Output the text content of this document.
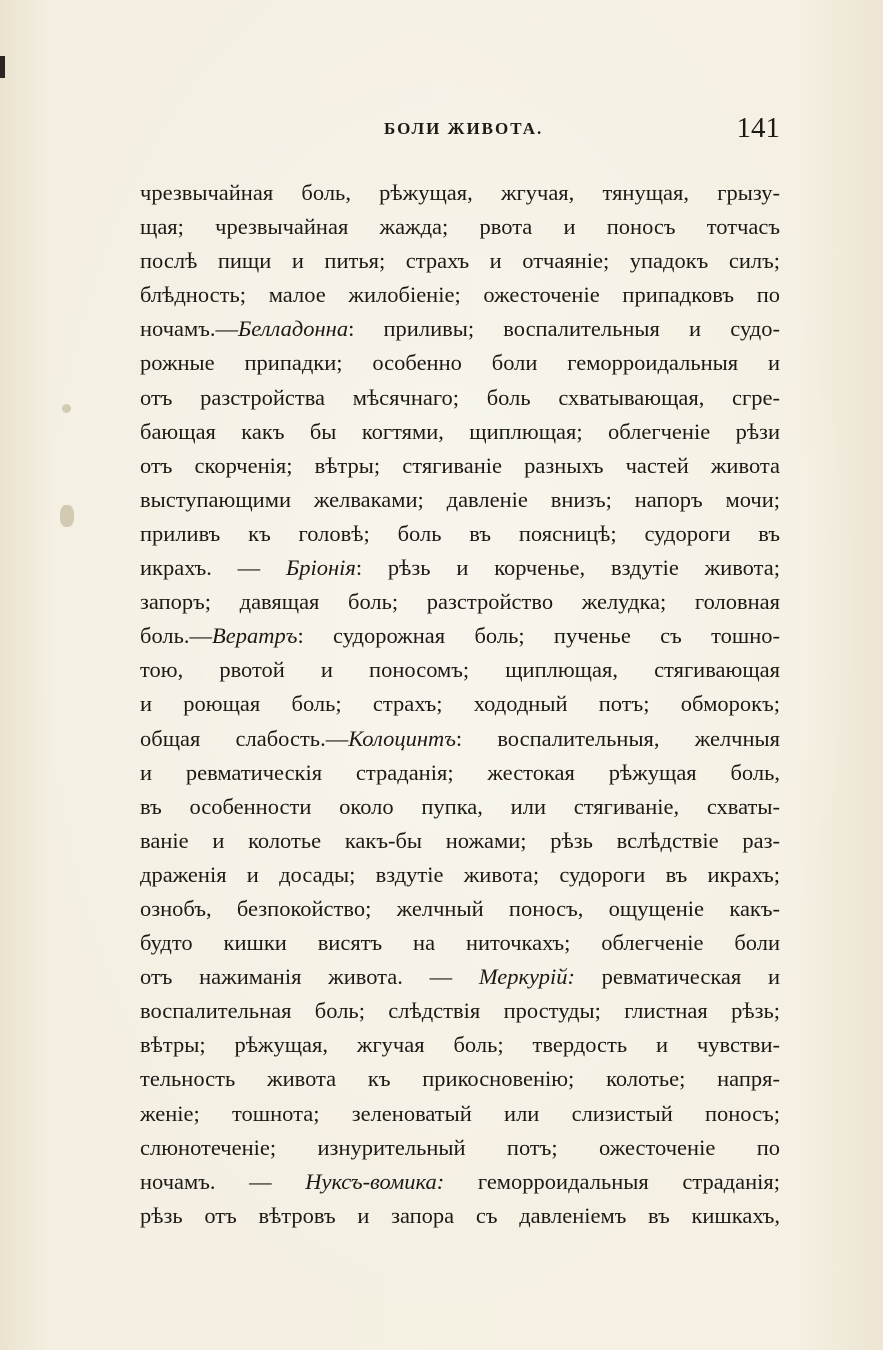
БОЛИ ЖИВОТА.	141
чрезвычайная боль, рѣжущая, жгучая, тянущая, грызу-
щая; чрезвычайная жажда; рвота и поносъ тотчасъ
послѣ пищи и питья; страхъ и отчаяніе; упадокъ силъ;
блѣдность; малое жилобіеніе; ожесточеніе припадковъ по
ночамъ.—Белладонна: приливы; воспалительныя и судо-
рожные припадки; особенно боли геморроидальныя и
отъ разстройства мѣсячнаго; боль схватывающая, сгре-
бающая какъ бы когтями, щиплющая; облегченіе рѣзи
отъ скорченія; вѣтры; стягиваніе разныхъ частей живота
выступающими желваками; давленіе внизъ; напоръ мочи;
приливъ къ головѣ; боль въ поясницѣ; судороги въ
икрахъ. — Бріонія: рѣзь и корченье, вздутіе живота;
запоръ; давящая боль; разстройство желудка; головная
боль.—Вератръ: судорожная боль; пученье съ тошно-
тою, рвотой и поносомъ; щиплющая, стягивающая
и роющая боль; страхъ; хододный потъ; обморокъ;
общая слабость.—Колоцинтъ: воспалительныя, желчныя
и ревматическія страданія; жестокая рѣжущая боль,
въ особенности около пупка, или стягиваніе, схваты-
ваніе и колотье какъ-бы ножами; рѣзь вслѣдствіе раз-
драженія и досады; вздутіе живота; судороги въ икрахъ;
ознобъ, безпокойство; желчный поносъ, ощущеніе какъ-
будто кишки висятъ на ниточкахъ; облегченіе боли
отъ нажиманія живота. — Меркурій: ревматическая и
воспалительная боль; слѣдствія простуды; глистная рѣзь;
вѣтры; рѣжущая, жгучая боль; твердость и чувстви-
тельность живота къ прикосновенію; колотье; напря-
женіе; тошнота; зеленоватый или слизистый поносъ;
слюнотеченіе; изнурительный потъ; ожесточеніе по
ночамъ. — Нуксъ-вомика: геморроидальныя страданія;
рѣзь отъ вѣтровъ и запора съ давленіемъ въ кишкахъ,
